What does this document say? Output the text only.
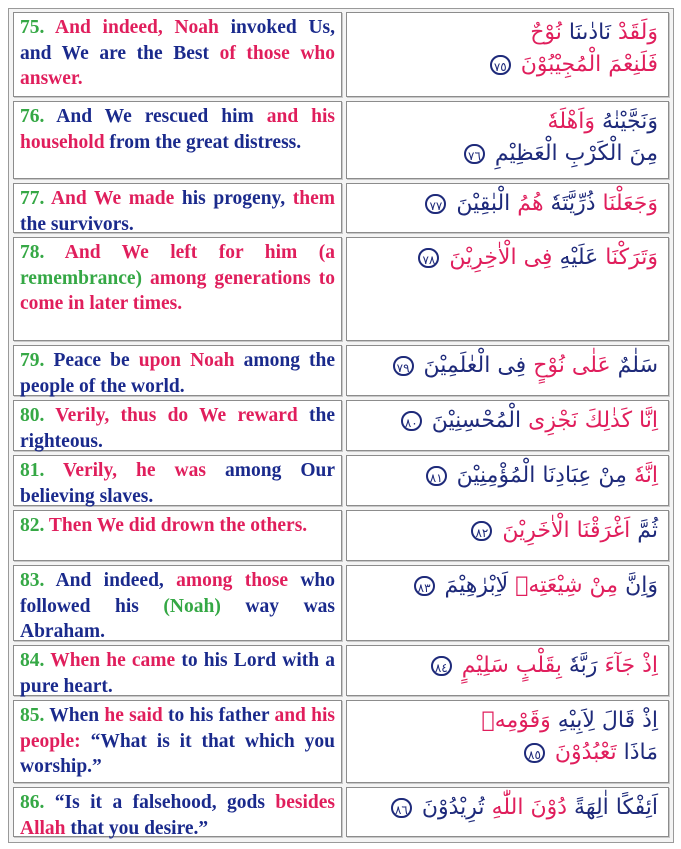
75. And indeed, Noah invoked Us, and We are the Best of those who answer.

وَلَقَدْ نَادٰىنَا نُوْحٌ

فَلَنِعْمَ الْمُجِيْبُوْنَ ٧٥

76. And We rescued him and his household from the great distress.

وَنَجَّيْنٰهُ وَاَهْلَهٗ

مِنَ الْكَرْبِ الْعَظِيْمِ ٧٦

77. And We made his progeny, them the survivors.

وَجَعَلْنَا ذُرِّيَّتَهٗ هُمُ الْبٰقِيْنَ ٧٧

78. And We left for him (a remembrance) among generations to come in later times.

وَتَرَكْنَا عَلَيْهِ فِى الْاٰخِرِيْنَ ٧٨

79. Peace be upon Noah among the people of the world.

سَلٰمٌ عَلٰى نُوْحٍ فِى الْعٰلَمِيْنَ ٧٩

80. Verily, thus do We reward the righteous.

اِنَّا كَذٰلِكَ نَجْزِى الْمُحْسِنِيْنَ ٨٠

81. Verily, he was among Our believing slaves.

اِنَّهٗ مِنْ عِبَادِنَا الْمُؤْمِنِيْنَ ٨١

82. Then We did drown the others.	ثُمَّ اَغْرَقْنَا الْاٰخَرِيْنَ ٨٢

83. And indeed, among those who followed his (Noah) way was Abraham.

وَاِنَّ مِنْ شِيْعَتِهٖ لَاِبْرٰهِيْمَ ٨٣

84. When he came to his Lord with a pure heart.

اِذْ جَآءَ رَبَّهٗ بِقَلْبٍ سَلِيْمٍ ٨٤

85. When he said to his father and his people: “What is it that which you worship.”

اِذْ قَالَ لِاَبِيْهِ وَقَوْمِهٖ

مَاذَا تَعْبُدُوْنَ ٨٥

86. “Is it a falsehood, gods besides Allah that you desire.”

اَئِفْكًا اٰلِهَةً دُوْنَ اللّٰهِ تُرِيْدُوْنَ ٨٦
